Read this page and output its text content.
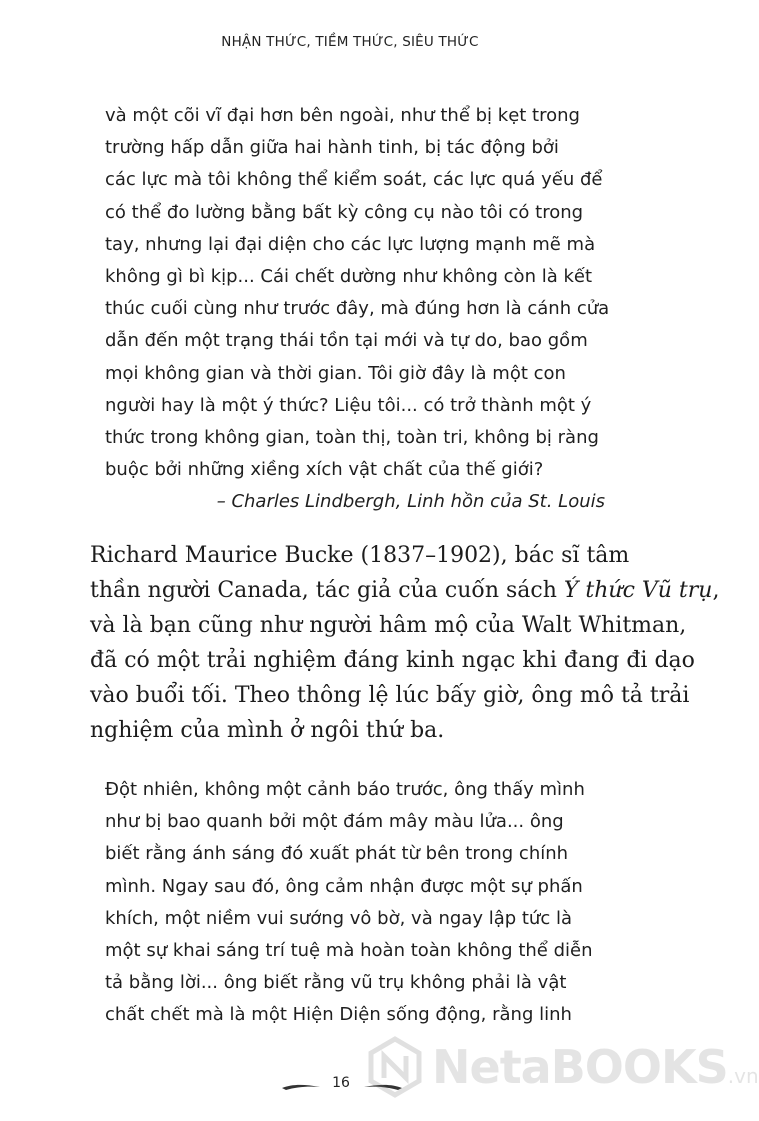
NHẬN THỨC, TIỀM THỨC, SIÊU THỨC
và một cõi vĩ đại hơn bên ngoài, như thể bị kẹt trong
trường hấp dẫn giữa hai hành tinh, bị tác động bởi
các lực mà tôi không thể kiểm soát, các lực quá yếu để
có thể đo lường bằng bất kỳ công cụ nào tôi có trong
tay, nhưng lại đại diện cho các lực lượng mạnh mẽ mà
không gì bì kịp... Cái chết dường như không còn là kết
thúc cuối cùng như trước đây, mà đúng hơn là cánh cửa
dẫn đến một trạng thái tồn tại mới và tự do, bao gồm
mọi không gian và thời gian. Tôi giờ đây là một con
người hay là một ý thức? Liệu tôi... có trở thành một ý
thức trong không gian, toàn thị, toàn tri, không bị ràng
buộc bởi những xiềng xích vật chất của thế giới?
– Charles Lindbergh, Linh hồn của St. Louis
Richard Maurice Bucke (1837–1902), bác sĩ tâm
thần người Canada, tác giả của cuốn sách Ý thức Vũ trụ,
và là bạn cũng như người hâm mộ của Walt Whitman,
đã có một trải nghiệm đáng kinh ngạc khi đang đi dạo
vào buổi tối. Theo thông lệ lúc bấy giờ, ông mô tả trải
nghiệm của mình ở ngôi thứ ba.
Đột nhiên, không một cảnh báo trước, ông thấy mình
như bị bao quanh bởi một đám mây màu lửa... ông
biết rằng ánh sáng đó xuất phát từ bên trong chính
mình. Ngay sau đó, ông cảm nhận được một sự phấn
khích, một niềm vui sướng vô bờ, và ngay lập tức là
một sự khai sáng trí tuệ mà hoàn toàn không thể diễn
tả bằng lời... ông biết rằng vũ trụ không phải là vật
chất chết mà là một Hiện Diện sống động, rằng linh
16 NetaBOOKS.vn
